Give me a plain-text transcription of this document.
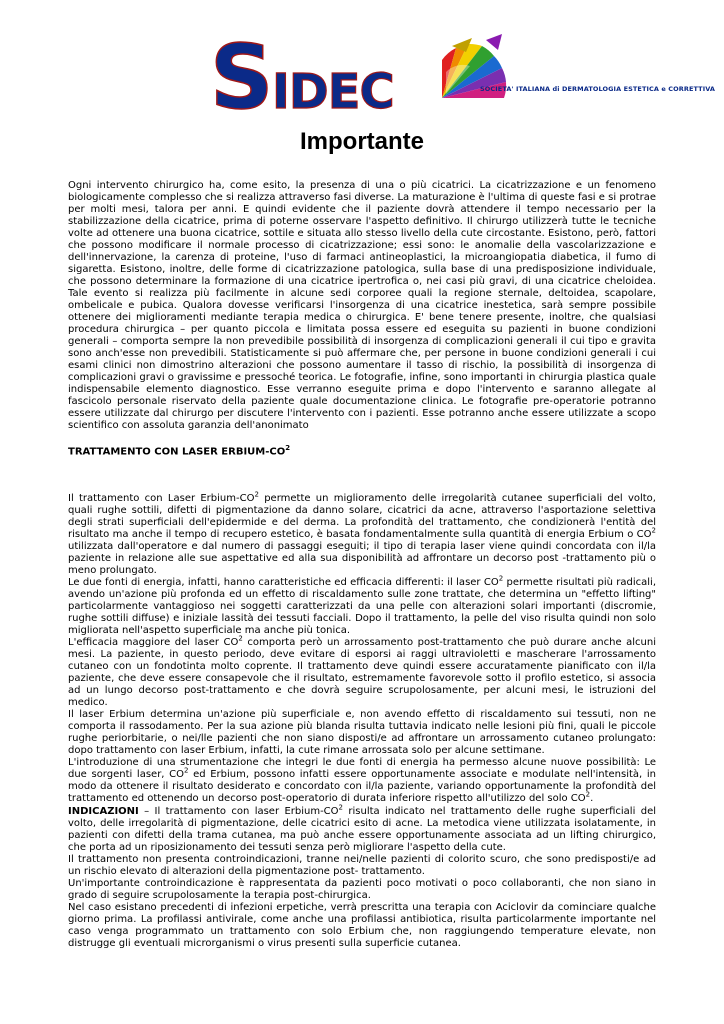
S
IDEC	SOCIETA' ITALIANA di DERMATOLOGIA ESTETICA e CORRETTIVA
Importante

Ogni intervento chirurgico ha, come esito, la presenza di una o più cicatrici. La cicatrizzazione e un fenomeno biologicamente complesso che si realizza attraverso fasi diverse. La maturazione è l'ultima di queste fasi e si protrae per molti mesi, talora per anni. E quindi evidente che il paziente dovrà attendere il tempo necessario per la stabilizzazione della cicatrice, prima di poterne osservare l'aspetto definitivo. Il chirurgo utilizzerà tutte le tecniche volte ad ottenere una buona cicatrice, sottile e situata allo stesso livello della cute circostante. Esistono, però, fattori che possono modificare il normale processo di cicatrizzazione; essi sono: le anomalie della vascolarizzazione e dell'innervazione, la carenza di proteine, l'uso di farmaci antineoplastici, la microangiopatia diabetica, il fumo di sigaretta. Esistono, inoltre, delle forme di cicatrizzazione patologica, sulla base di una predisposizione individuale, che possono determinare la formazione di una cicatrice ipertrofica o, nei casi più gravi, di una cicatrice cheloidea. Tale evento si realizza più facilmente in alcune sedi corporee quali la regione sternale, deltoidea, scapolare, ombelicale e pubica. Qualora dovesse verificarsi l'insorgenza di una cicatrice inestetica, sarà sempre possibile ottenere dei miglioramenti mediante terapia medica o chirurgica. E' bene tenere presente, inoltre, che qualsiasi procedura chirurgica – per quanto piccola e limitata possa essere ed eseguita su pazienti in buone condizioni generali – comporta sempre la non prevedibile possibilità di insorgenza di complicazioni generali il cui tipo e gravita sono anch'esse non prevedibili. Statisticamente si può affermare che, per persone in buone condizioni generali i cui esami clinici non dimostrino alterazioni che possono aumentare il tasso di rischio, la possibilità di insorgenza di complicazioni gravi o gravissime e pressoché teorica. Le fotografie, infine, sono importanti in chirurgia plastica quale indispensabile elemento diagnostico. Esse verranno eseguite prima e dopo l'intervento e saranno allegate al fascicolo personale riservato della paziente quale documentazione clinica. Le fotografie pre-operatorie potranno essere utilizzate dal chirurgo per discutere l'intervento con i pazienti. Esse potranno anche essere utilizzate a scopo scientifico con assoluta garanzia dell'anonimato

TRATTAMENTO CON LASER ERBIUM-$CO^2$

Il trattamento con Laser Erbium-$CO^2$ permette un miglioramento delle irregolarità cutanee superficiali del volto, quali rughe sottili, difetti di pigmentazione da danno solare, cicatrici da acne, attraverso l'asportazione selettiva degli strati superficiali dell'epidermide e del derma. La profondità del trattamento, che condizionerà l'entità del risultato ma anche il tempo di recupero estetico, è basata fondamentalmente sulla quantità di energia Erbium o $CO^2$ utilizzata dall'operatore e dal numero di passaggi eseguiti; il tipo di terapia laser viene quindi concordata con il/la paziente in relazione alle sue aspettative ed alla sua disponibilità ad affrontare un decorso post -trattamento più o meno prolungato.

Le due fonti di energia, infatti, hanno caratteristiche ed efficacia differenti: il laser $CO^2$ permette risultati più radicali, avendo un'azione più profonda ed un effetto di riscaldamento sulle zone trattate, che determina un "effetto lifting" particolarmente vantaggioso nei soggetti caratterizzati da una pelle con alterazioni solari importanti (discromie, rughe sottili diffuse) e iniziale lassità dei tessuti facciali. Dopo il trattamento, la pelle del viso risulta quindi non solo migliorata nell'aspetto superficiale ma anche più tonica.

L'efficacia maggiore del laser $CO^2$ comporta però un arrossamento post-trattamento che può durare anche alcuni mesi. La paziente, in questo periodo, deve evitare di esporsi ai raggi ultravioletti e mascherare l'arrossamento cutaneo con un fondotinta molto coprente. Il trattamento deve quindi essere accuratamente pianificato con il/la paziente, che deve essere consapevole che il risultato, estremamente favorevole sotto il profilo estetico, si associa ad un lungo decorso post-trattamento e che dovrà seguire scrupolosamente, per alcuni mesi, le istruzioni del medico.

Il laser Erbium determina un'azione più superficiale e, non avendo effetto di riscaldamento sui tessuti, non ne comporta il rassodamento. Per la sua azione più blanda risulta tuttavia indicato nelle lesioni più fini, quali le piccole rughe periorbitarie, o nei/lle pazienti che non siano disposti/e ad affrontare un arrossamento cutaneo prolungato: dopo trattamento con laser Erbium, infatti, la cute rimane arrossata solo per alcune settimane.

L'introduzione di una strumentazione che integri le due fonti di energia ha permesso alcune nuove possibilità: Le due sorgenti laser, $CO^2$ ed Erbium, possono infatti essere opportunamente associate e modulate nell'intensità, in modo da ottenere il risultato desiderato e concordato con il/la paziente, variando opportunamente la profondità del trattamento ed ottenendo un decorso post-operatorio di durata inferiore rispetto all'utilizzo del solo $CO^2$.

INDICAZIONI – Il trattamento con laser Erbium-$CO^2$ risulta indicato nel trattamento delle rughe superficiali del volto, delle irregolarità di pigmentazione, delle cicatrici esito di acne. La metodica viene utilizzata isolatamente, in pazienti con difetti della trama cutanea, ma può anche essere opportunamente associata ad un lifting chirurgico, che porta ad un riposizionamento dei tessuti senza però migliorare l'aspetto della cute.

Il trattamento non presenta controindicazioni, tranne nei/nelle pazienti di colorito scuro, che sono predisposti/e ad un rischio elevato di alterazioni della pigmentazione post- trattamento.

Un'importante controindicazione è rappresentata da pazienti poco motivati o poco collaboranti, che non siano in grado di seguire scrupolosamente la terapia post-chirurgica.

Nel caso esistano precedenti di infezioni erpetiche, verrà prescritta una terapia con Aciclovir da cominciare qualche giorno prima. La profilassi antivirale, come anche una profilassi antibiotica, risulta particolarmente importante nel caso venga programmato un trattamento con solo Erbium che, non raggiungendo temperature elevate, non distrugge gli eventuali microrganismi o virus presenti sulla superficie cutanea.
